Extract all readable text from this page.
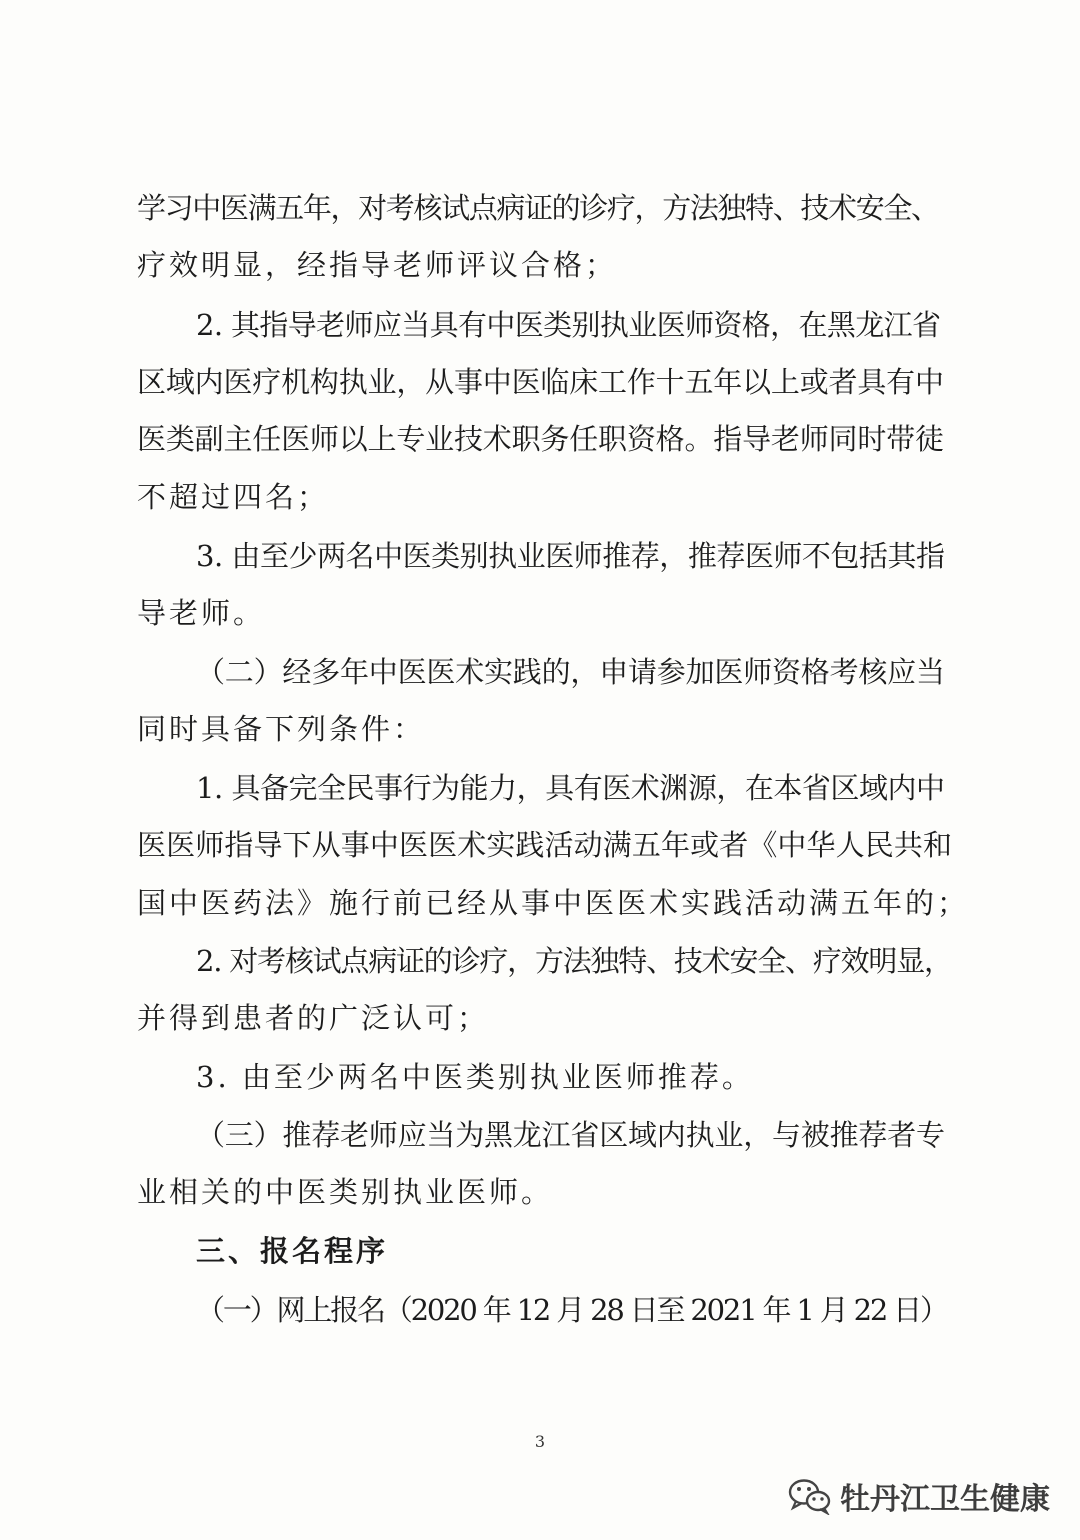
学习中医满五年，对考核试点病证的诊疗，方法独特、技术安全、
疗效明显，经指导老师评议合格；
2. 其指导老师应当具有中医类别执业医师资格，在黑龙江省
区域内医疗机构执业，从事中医临床工作十五年以上或者具有中
医类副主任医师以上专业技术职务任职资格。指导老师同时带徒
不超过四名；
3. 由至少两名中医类别执业医师推荐，推荐医师不包括其指
导老师。
（二）经多年中医医术实践的，申请参加医师资格考核应当
同时具备下列条件：
1. 具备完全民事行为能力，具有医术渊源，在本省区域内中
医医师指导下从事中医医术实践活动满五年或者《中华人民共和
国中医药法》施行前已经从事中医医术实践活动满五年的；
2. 对考核试点病证的诊疗，方法独特、技术安全、疗效明显，
并得到患者的广泛认可；
3. 由至少两名中医类别执业医师推荐。
（三）推荐老师应当为黑龙江省区域内执业，与被推荐者专
业相关的中医类别执业医师。
三、报名程序
（一）网上报名（2020 年 12 月 28 日至 2021 年 1 月 22 日）
3
牡丹江卫生健康
